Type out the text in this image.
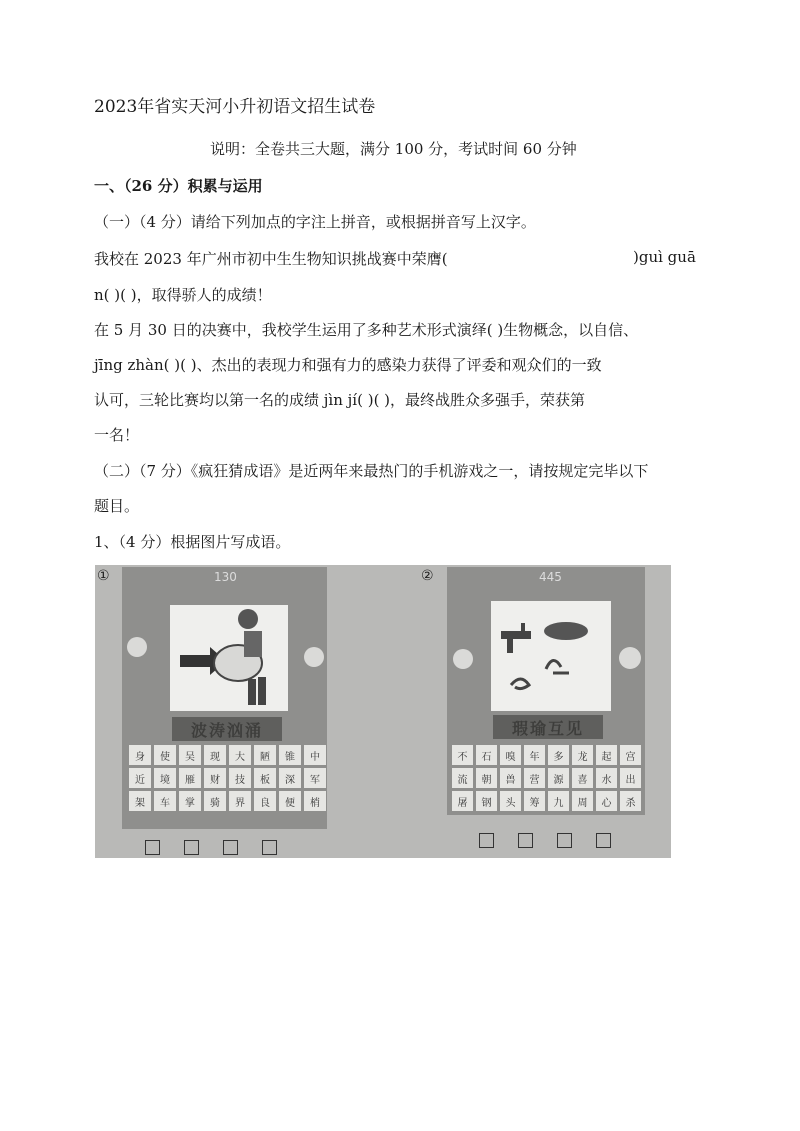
2023年省实天河小升初语文招生试卷
说明：全卷共三大题，满分 100 分，考试时间 60 分钟
一、（26 分）积累与运用
（一）（4 分）请给下列加点的字注上拼音，或根据拼音写上汉字。
我校在 2023 年广州市初中生生物知识挑战赛中荣膺(	)guì guā
n( )( )，取得骄人的成绩！
在 5 月 30 日的决赛中，我校学生运用了多种艺术形式演绎( )生物概念，以自信、
jīng zhàn( )( )、杰出的表现力和强有力的感染力获得了评委和观众们的一致
认可，三轮比赛均以第一名的成绩 jìn jí( )( )，最终战胜众多强手，荣获第
一名！
（二）（7 分）《疯狂猜成语》是近两年来最热门的手机游戏之一，请按规定完毕以下
题目。
1、（4 分）根据图片写成语。
①	130
波涛汹涌
身	使	吴	现	大	陋	锥	中
近	境	雁	财	技	板	深	军
架	车	掌	骑	界	良	便	梢
②	445
瑕瑜互见
不	石	嗅	年	多	龙	起	宫
流	朝	兽	营	源	喜	水	出
屠	钢	头	筹	九	周	心	杀
